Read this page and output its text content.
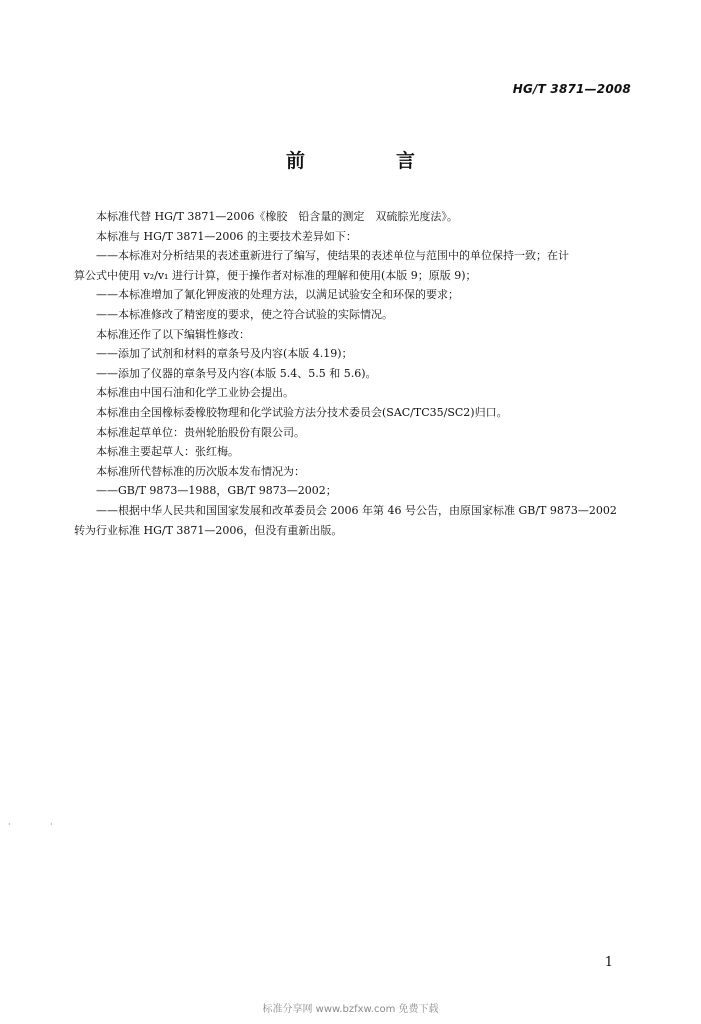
HG/T 3871—2008
前　言

本标准代替 HG/T 3871—2006《橡胶　铅含量的测定　双硫腙光度法》。

本标准与 HG/T 3871—2006 的主要技术差异如下：

——本标准对分析结果的表述重新进行了编写，使结果的表述单位与范围中的单位保持一致；在计

算公式中使用 v₂/v₁ 进行计算，便于操作者对标准的理解和使用(本版 9；原版 9)；

——本标准增加了氰化钾废液的处理方法，以满足试验安全和环保的要求；

——本标准修改了精密度的要求，使之符合试验的实际情况。

本标准还作了以下编辑性修改：

——添加了试剂和材料的章条号及内容(本版 4.19)；

——添加了仪器的章条号及内容(本版 5.4、5.5 和 5.6)。

本标准由中国石油和化学工业协会提出。

本标准由全国橡标委橡胶物理和化学试验方法分技术委员会(SAC/TC35/SC2)归口。

本标准起草单位：贵州轮胎股份有限公司。

本标准主要起草人：张红梅。

本标准所代替标准的历次版本发布情况为：

——GB/T 9873—1988，GB/T 9873—2002；

——根据中华人民共和国国家发展和改革委员会 2006 年第 46 号公告，由原国家标准 GB/T 9873—2002

转为行业标准 HG/T 3871—2006，但没有重新出版。

·	·
1
标准分享网 www.bzfxw.com 免费下载
